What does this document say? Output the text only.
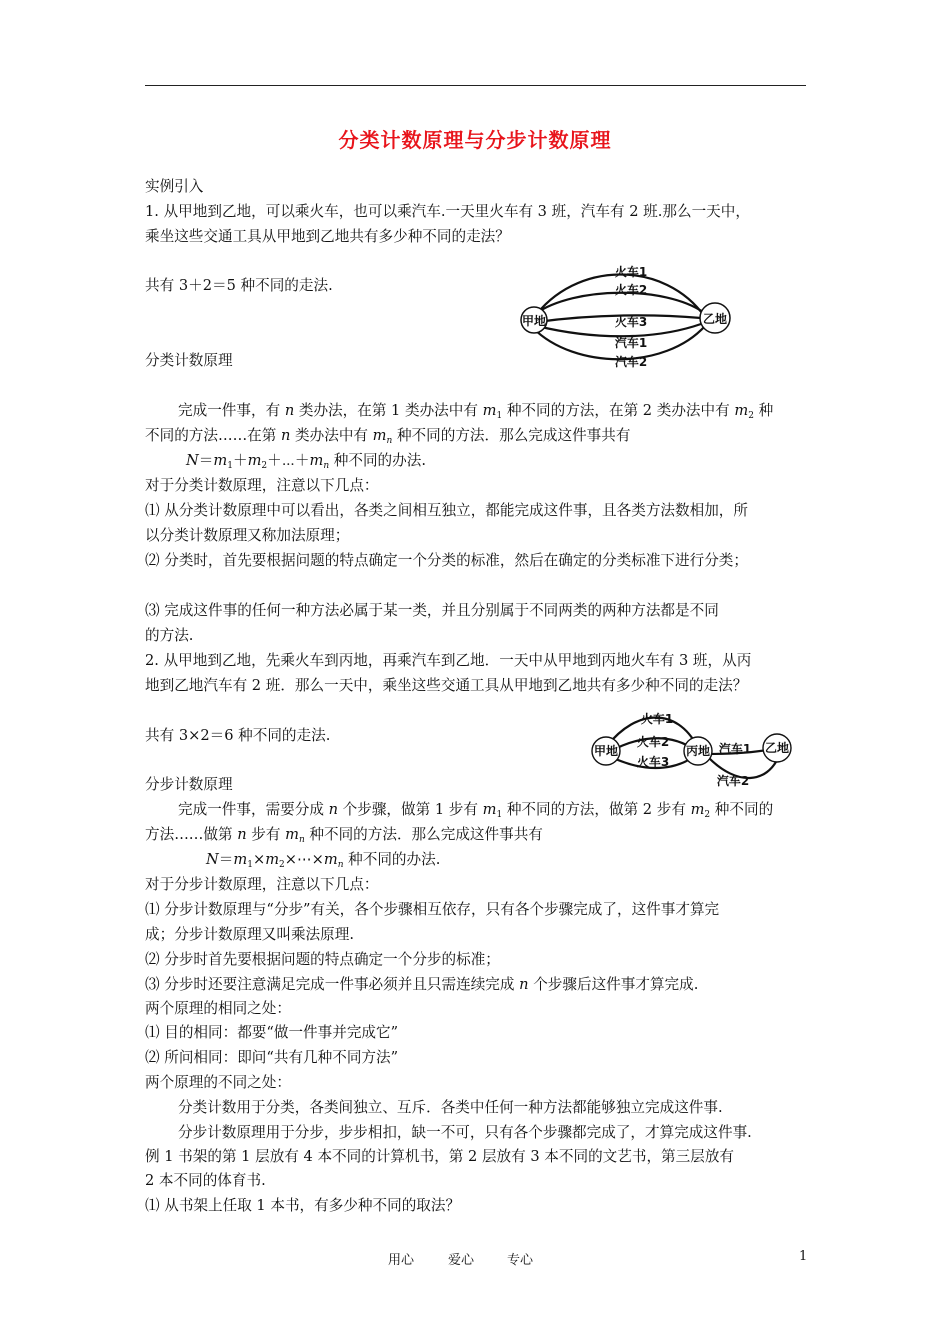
分类计数原理与分步计数原理
实例引入
1. 从甲地到乙地，可以乘火车，也可以乘汽车.一天里火车有 3 班，汽车有 2 班.那么一天中，
乘坐这些交通工具从甲地到乙地共有多少种不同的走法？
共有 3＋2＝5 种不同的走法.
甲地	乙地
火车1
火车2
火车3
汽车1
汽车2
分类计数原理
完成一件事，有 n 类办法，在第 1 类办法中有 $m_1$ 种不同的方法，在第 2 类办法中有 $m_2$ 种
不同的方法……在第 n 类办法中有 $m_n$ 种不同的方法．那么完成这件事共有
$N=m_1+m_2+\cdots+m_n$ 种不同的办法.
对于分类计数原理，注意以下几点：
⑴ 从分类计数原理中可以看出，各类之间相互独立，都能完成这件事，且各类方法数相加，所
以分类计数原理又称加法原理；
⑵ 分类时，首先要根据问题的特点确定一个分类的标准，然后在确定的分类标准下进行分类；
⑶ 完成这件事的任何一种方法必属于某一类，并且分别属于不同两类的两种方法都是不同
的方法.
2. 从甲地到乙地，先乘火车到丙地，再乘汽车到乙地．一天中从甲地到丙地火车有 3 班，从丙
地到乙地汽车有 2 班．那么一天中，乘坐这些交通工具从甲地到乙地共有多少种不同的走法？
共有 3×2＝6 种不同的走法.
甲地	丙地	乙地
火车1
火车2
火车3
汽车1
汽车2
分步计数原理
完成一件事，需要分成 n 个步骤，做第 1 步有 $m_1$ 种不同的方法，做第 2 步有 $m_2$ 种不同的
方法……做第 n 步有 $m_n$ 种不同的方法．那么完成这件事共有
$N=m_1\times m_2\times\cdots\times m_n$ 种不同的办法.
对于分步计数原理，注意以下几点：
⑴ 分步计数原理与“分步”有关，各个步骤相互依存，只有各个步骤完成了，这件事才算完
成；分步计数原理又叫乘法原理.
⑵ 分步时首先要根据问题的特点确定一个分步的标准；
⑶ 分步时还要注意满足完成一件事必须并且只需连续完成 n 个步骤后这件事才算完成.
两个原理的相同之处：
⑴ 目的相同：都要“做一件事并完成它”
⑵ 所问相同：即问“共有几种不同方法”
两个原理的不同之处：
分类计数用于分类，各类间独立、互斥．各类中任何一种方法都能够独立完成这件事.
分步计数原理用于分步，步步相扣，缺一不可，只有各个步骤都完成了，才算完成这件事.
例 1 书架的第 1 层放有 4 本不同的计算机书，第 2 层放有 3 本不同的文艺书，第三层放有
2 本不同的体育书.
⑴ 从书架上任取 1 本书，有多少种不同的取法？
用心	爱心	专心	1
